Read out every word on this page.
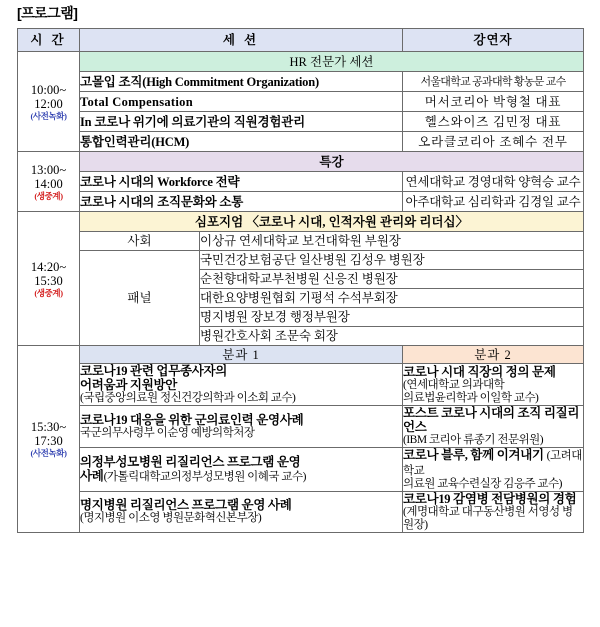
[프로그램]
시 간	세 션		강연자

10:00~
12:00
(사전녹화)	HR 전문가 세션		
	고몰입 조직(High Commitment Organization)		서울대학교 공과대학 황농문 교수
	Total Compensation		머서코리아 박형철 대표
	In 코로나 위기에 의료기관의 직원경험관리		헬스와이즈 김민정 대표
	통합인력관리(HCM)		오라클코리아 조혜수 전무

13:00~
14:00
(생중계)	특강		
	코로나 시대의 Workforce 전략		연세대학교 경영대학 양혁승 교수
	코로나 시대의 조직문화와 소통		아주대학교 심리학과 김경일 교수

14:20~
15:30
(생중계)	심포지엄 〈코로나 시대, 인적자원 관리와 리더십〉		
	사회	이상규 연세대학교 보건대학원 부원장	
	패널	국민건강보험공단 일산병원 김성우 병원장	
		순천향대학교부천병원 신응진 병원장	
		대한요양병원협회 기평석 수석부회장	
		명지병원 장보경 행정부원장	
		병원간호사회 조문숙 회장	

15:30~
17:30
(사전녹화)	분과 1		분과 2

	코로나19 관련 업무종사자의
어려움과 지원방안
(국립중앙의료원 정신건강의학과 이소회 교수)		코로나 시대 직장의 정의 문제
(연세대학교 의과대학
의료법윤리학과 이일학 교수)

	코로나19 대응을 위한 군의료인력 운영사례
국군의무사령부 이순영 예방의학처장		포스트 코로나 시대의 조직 리질리언스
(IBM 코리아 류종기 전문위원)

	의정부성모병원 리질리언스 프로그램 운영
사례(가톨릭대학교의정부성모병원 이혜국 교수)		코로나 블루, 함께 이겨내기 (고려대학교
의료원 교육수련실장 김응주 교수)

	명지병원 리질리언스 프로그램 운영 사례
(명지병원 이소영 병원문화혁신본부장)		코로나19 감염병 전담병원의 경험
(계명대학교 대구동산병원 서영성 병원장)
